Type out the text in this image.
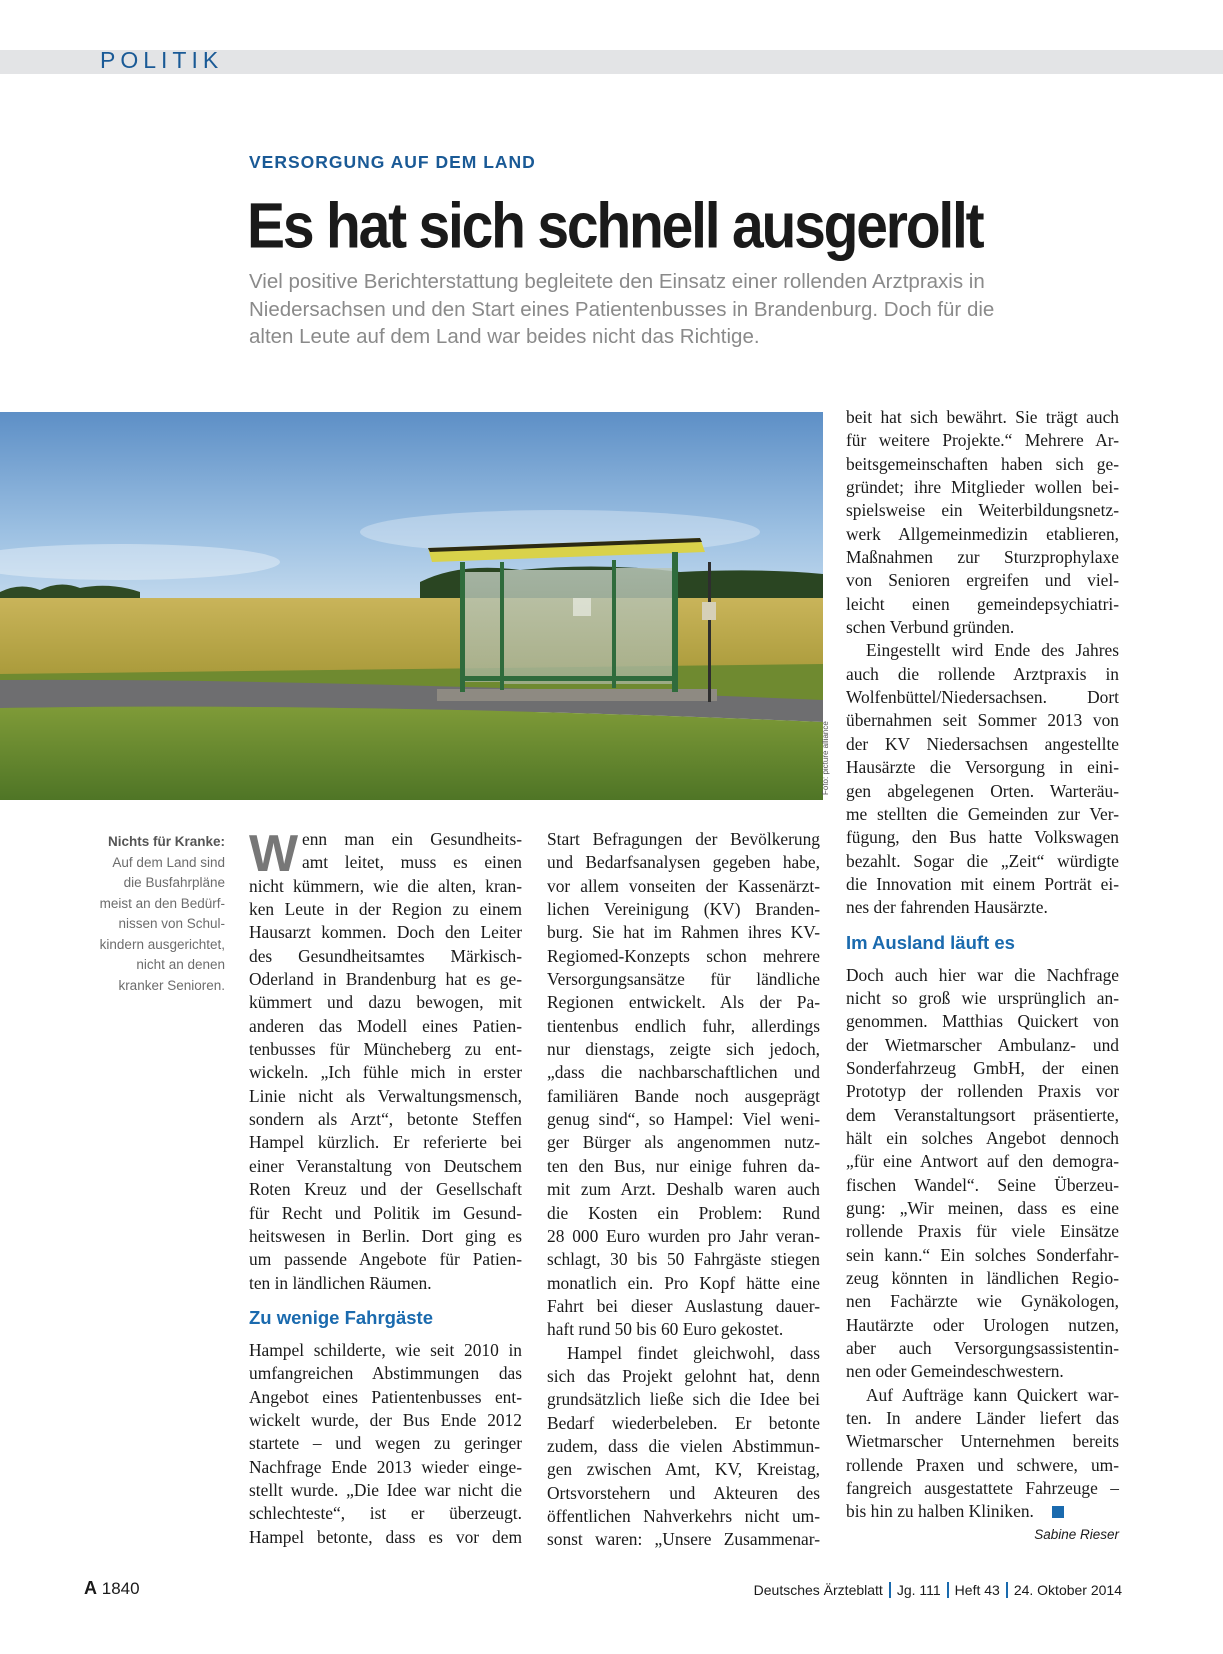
POLITIK
VERSORGUNG AUF DEM LAND
Es hat sich schnell ausgerollt
Viel positive Berichterstattung begleitete den Einsatz einer rollenden Arztpraxis in
Niedersachsen und den Start eines Patientenbusses in Brandenburg. Doch für die
alten Leute auf dem Land war beides nicht das Richtige.
Foto: picture alliance
Nichts für Kranke:
Auf dem Land sind
die Busfahrpläne
meist an den Bedürf-
nissen von Schul-
kindern ausgerichtet,
nicht an denen
kranker Senioren.
W enn man ein Gesundheits-
amt leitet, muss es einen
nicht kümmern, wie die alten, kran-
ken Leute in der Region zu einem
Hausarzt kommen. Doch den Leiter
des Gesundheitsamtes Märkisch-
Oderland in Brandenburg hat es ge-
kümmert und dazu bewogen, mit
anderen das Modell eines Patien-
tenbusses für Müncheberg zu ent-
wickeln. „Ich fühle mich in erster
Linie nicht als Verwaltungsmensch,
sondern als Arzt“, betonte Steffen
Hampel kürzlich. Er referierte bei
einer Veranstaltung von Deutschem
Roten Kreuz und der Gesellschaft
für Recht und Politik im Gesund-
heitswesen in Berlin. Dort ging es
um passende Angebote für Patien-
ten in ländlichen Räumen.
Zu wenige Fahrgäste
Hampel schilderte, wie seit 2010 in
umfangreichen Abstimmungen das
Angebot eines Patientenbusses ent-
wickelt wurde, der Bus Ende 2012
startete – und wegen zu geringer
Nachfrage Ende 2013 wieder einge-
stellt wurde. „Die Idee war nicht die
schlechteste“, ist er überzeugt.
Hampel betonte, dass es vor dem
Start Befragungen der Bevölkerung
und Bedarfsanalysen gegeben habe,
vor allem vonseiten der Kassenärzt-
lichen Vereinigung (KV) Branden-
burg. Sie hat im Rahmen ihres KV-
Regiomed-Konzepts schon mehrere
Versorgungsansätze für ländliche
Regionen entwickelt. Als der Pa-
tientenbus endlich fuhr, allerdings
nur dienstags, zeigte sich jedoch,
„dass die nachbarschaftlichen und
familiären Bande noch ausgeprägt
genug sind“, so Hampel: Viel weni-
ger Bürger als angenommen nutz-
ten den Bus, nur einige fuhren da-
mit zum Arzt. Deshalb waren auch
die Kosten ein Problem: Rund
28 000 Euro wurden pro Jahr veran-
schlagt, 30 bis 50 Fahrgäste stiegen
monatlich ein. Pro Kopf hätte eine
Fahrt bei dieser Auslastung dauer-
haft rund 50 bis 60 Euro gekostet.
Hampel findet gleichwohl, dass
sich das Projekt gelohnt hat, denn
grundsätzlich ließe sich die Idee bei
Bedarf wiederbeleben. Er betonte
zudem, dass die vielen Abstimmun-
gen zwischen Amt, KV, Kreistag,
Ortsvorstehern und Akteuren des
öffentlichen Nahverkehrs nicht um-
sonst waren: „Unsere Zusammenar-
beit hat sich bewährt. Sie trägt auch
für weitere Projekte.“ Mehrere Ar-
beitsgemeinschaften haben sich ge-
gründet; ihre Mitglieder wollen bei-
spielsweise ein Weiterbildungsnetz-
werk Allgemeinmedizin etablieren,
Maßnahmen zur Sturzprophylaxe
von Senioren ergreifen und viel-
leicht einen gemeindepsychiatri-
schen Verbund gründen.
Eingestellt wird Ende des Jahres
auch die rollende Arztpraxis in
Wolfenbüttel/Niedersachsen. Dort
übernahmen seit Sommer 2013 von
der KV Niedersachsen angestellte
Hausärzte die Versorgung in eini-
gen abgelegenen Orten. Warteräu-
me stellten die Gemeinden zur Ver-
fügung, den Bus hatte Volkswagen
bezahlt. Sogar die „Zeit“ würdigte
die Innovation mit einem Porträt ei-
nes der fahrenden Hausärzte.
Im Ausland läuft es
Doch auch hier war die Nachfrage
nicht so groß wie ursprünglich an-
genommen. Matthias Quickert von
der Wietmarscher Ambulanz- und
Sonderfahrzeug GmbH, der einen
Prototyp der rollenden Praxis vor
dem Veranstaltungsort präsentierte,
hält ein solches Angebot dennoch
„für eine Antwort auf den demogra-
fischen Wandel“. Seine Überzeu-
gung: „Wir meinen, dass es eine
rollende Praxis für viele Einsätze
sein kann.“ Ein solches Sonderfahr-
zeug könnten in ländlichen Regio-
nen Fachärzte wie Gynäkologen,
Hautärzte oder Urologen nutzen,
aber auch Versorgungsassistentin-
nen oder Gemeindeschwestern.
Auf Aufträge kann Quickert war-
ten. In andere Länder liefert das
Wietmarscher Unternehmen bereits
rollende Praxen und schwere, um-
fangreich ausgestattete Fahrzeuge –
bis hin zu halben Kliniken.
Sabine Rieser
A 1840	Deutsches Ärzteblatt Jg. 111 Heft 43 24. Oktober 2014
